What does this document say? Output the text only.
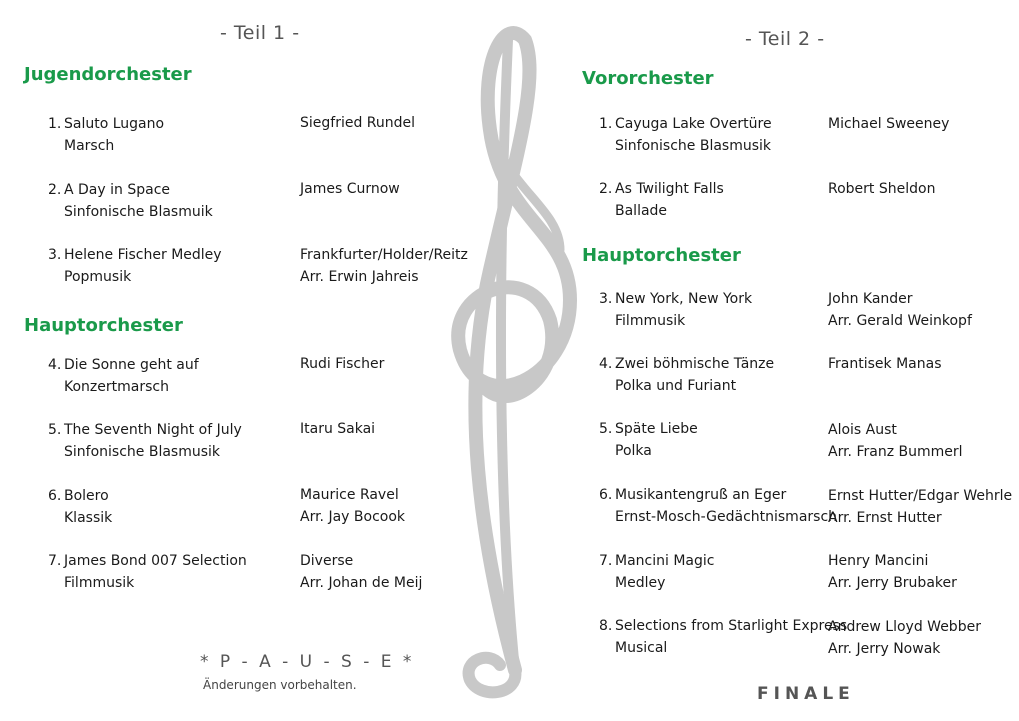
- Teil 1 -
Jugendorchester
1. Saluto Lugano
Marsch
Siegfried Rundel
2. A Day in Space
Sinfonische Blasmuik
James Curnow
3. Helene Fischer Medley
Popmusik
Frankfurter/Holder/Reitz
Arr. Erwin Jahreis
Hauptorchester
4. Die Sonne geht auf
Konzertmarsch
Rudi Fischer
5. The Seventh Night of July
Sinfonische Blasmusik
Itaru Sakai
6. Bolero
Klassik
Maurice Ravel
Arr. Jay Bocook
7. James Bond 007 Selection
Filmmusik
Diverse
Arr. Johan de Meij
* P - A - U - S - E *
Änderungen vorbehalten.
- Teil 2 -
Vororchester
1. Cayuga Lake Overtüre
Sinfonische Blasmusik
Michael Sweeney
2. As Twilight Falls
Ballade
Robert Sheldon
Hauptorchester
3. New York, New York
Filmmusik
John Kander
Arr. Gerald Weinkopf
4. Zwei böhmische Tänze
Polka und Furiant
Frantisek Manas
5. Späte Liebe
Polka
Alois Aust
Arr. Franz Bummerl
6. Musikantengruß an Eger
Ernst-Mosch-Gedächtnismarsch
Ernst Hutter/Edgar Wehrle
Arr. Ernst Hutter
7. Mancini Magic
Medley
Henry Mancini
Arr. Jerry Brubaker
8. Selections from Starlight Express
Musical
Andrew Lloyd Webber
Arr. Jerry Nowak
FINALE
